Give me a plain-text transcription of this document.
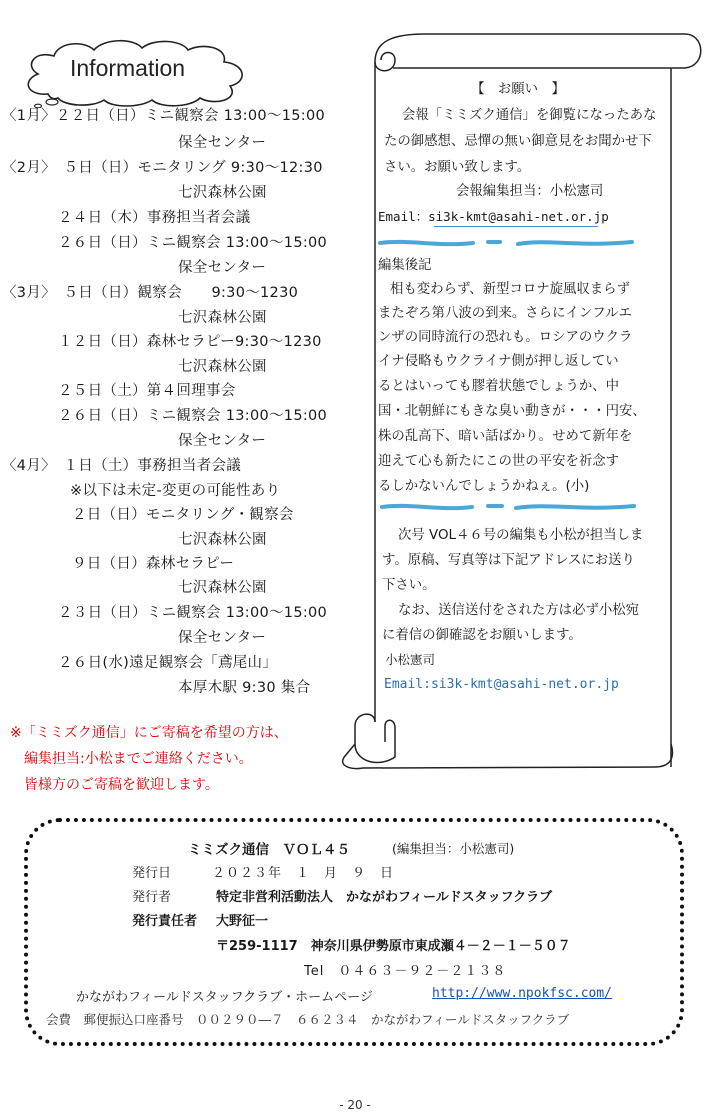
Information
〈1月〉２２日（日）ミニ観察会 13:00～15:00
保全センター
〈2月〉　５日（日）モニタリング 9:30～12:30
七沢森林公園
２４日（木）事務担当者会議
２６日（日）ミニ観察会 13:00～15:00
保全センター
〈3月〉　５日（日）観察会　　9:30～1230
七沢森林公園
１２日（日）森林セラピー9:30～1230
七沢森林公園
２５日（土）第４回理事会
２６日（日）ミニ観察会 13:00～15:00
保全センター
〈4月〉　１日（土）事務担当者会議
※以下は未定-変更の可能性あり
２日（日）モニタリング・観察会
七沢森林公園
９日（日）森林セラピー
七沢森林公園
２３日（日）ミニ観察会 13:00～15:00
保全センター
２６日(水)遠足観察会「鳶尾山」
本厚木駅 9:30 集合
【　お願い　】
会報「ミミズク通信」を御覧になったあな
たの御感想、忌憚の無い御意見をお聞かせ下
さい。お願い致します。
会報編集担当：小松憲司
Email：si3k-kmt@asahi-net.or.jp
編集後記
相も変わらず、新型コロナ旋風収まらず
またぞろ第八波の到来。さらにインフルエ
ンザの同時流行の恐れも。ロシアのウクラ
イナ侵略もウクライナ側が押し返してい
るとはいっても膠着状態でしょうか、中
国・北朝鮮にもきな臭い動きが・・・円安、
株の乱高下、暗い話ばかり。せめて新年を
迎えて心も新たにこの世の平安を祈念す
るしかないんでしょうかねぇ。(小)
次号 VOL４６号の編集も小松が担当しま
す。原稿、写真等は下記アドレスにお送り
下さい。
なお、送信送付をされた方は必ず小松宛
に着信の御確認をお願いします。
小松憲司
Email:si3k-kmt@asahi-net.or.jp
※「ミミズク通信」にご寄稿を希望の方は、
編集担当:小松までご連絡ください。
皆様方のご寄稿を歓迎します。
ミミズク通信　ＶＯＬ４５	(編集担当：小松憲司)
発行日	２０２３年　１　月　９　日
発行者	特定非営利活動法人　かながわフィールドスタッフクラブ
発行責任者 大野征一
〒259-1117　神奈川県伊勢原市東成瀬４－２－１－５０７
Tel　０４６３－９２－２１３８
かながわフィールドスタッフクラブ・ホームページ	http://www.npokfsc.com/
会費　郵便振込口座番号　００２９０―７　６６２３４　かながわフィールドスタッフクラブ
- 20 -
